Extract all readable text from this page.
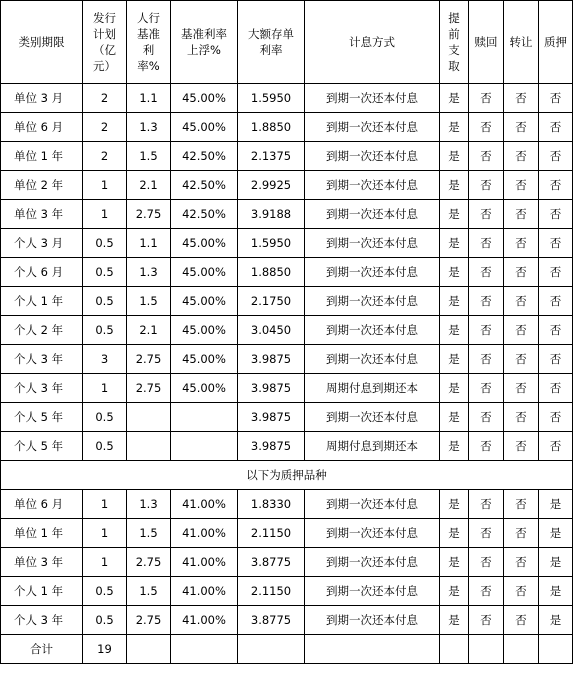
类别期限	发行计划（亿元）	人行基准利率%	基准利率上浮%	大额存单利率	计息方式	提前支取	赎回	转让	质押
单位 3 月	2	1.1	45.00%	1.5950	到期一次还本付息	是	否	否	否
单位 6 月	2	1.3	45.00%	1.8850	到期一次还本付息	是	否	否	否
单位 1 年	2	1.5	42.50%	2.1375	到期一次还本付息	是	否	否	否
单位 2 年	1	2.1	42.50%	2.9925	到期一次还本付息	是	否	否	否
单位 3 年	1	2.75	42.50%	3.9188	到期一次还本付息	是	否	否	否
个人 3 月	0.5	1.1	45.00%	1.5950	到期一次还本付息	是	否	否	否
个人 6 月	0.5	1.3	45.00%	1.8850	到期一次还本付息	是	否	否	否
个人 1 年	0.5	1.5	45.00%	2.1750	到期一次还本付息	是	否	否	否
个人 2 年	0.5	2.1	45.00%	3.0450	到期一次还本付息	是	否	否	否
个人 3 年	3	2.75	45.00%	3.9875	到期一次还本付息	是	否	否	否
个人 3 年	1	2.75	45.00%	3.9875	周期付息到期还本	是	否	否	否
个人 5 年	0.5			3.9875	到期一次还本付息	是	否	否	否
个人 5 年	0.5			3.9875	周期付息到期还本	是	否	否	否
以下为质押品种									
单位 6 月	1	1.3	41.00%	1.8330	到期一次还本付息	是	否	否	是
单位 1 年	1	1.5	41.00%	2.1150	到期一次还本付息	是	否	否	是
单位 3 年	1	2.75	41.00%	3.8775	到期一次还本付息	是	否	否	是
个人 1 年	0.5	1.5	41.00%	2.1150	到期一次还本付息	是	否	否	是
个人 3 年	0.5	2.75	41.00%	3.8775	到期一次还本付息	是	否	否	是
合计	19								
